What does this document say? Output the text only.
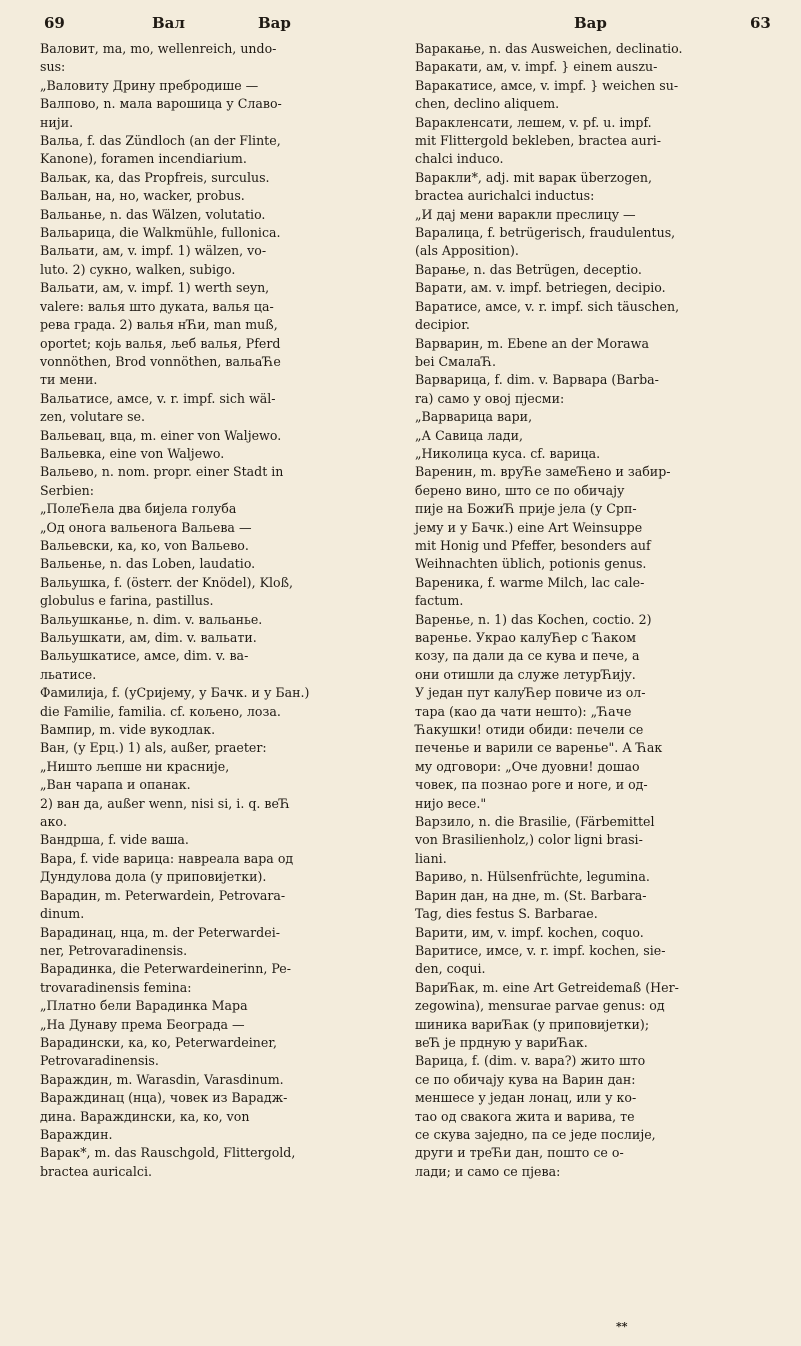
69	Вал	Вар	Вар	63

Валовит, ma, mo, wellenreich, undo-

sus:

„Валовиту Дрину пребродише —

Валпово, n. мала варошица у Славо-

нији.

Вальа, f. das Zündloch (an der Flinte,

Kanone), foramen incendiarium.

Вальак, ка, das Propfreis, surculus.

Вальан, на, но, wacker, probus.

Вальанье, n. das Wälzen, volutatio.

Вальарица, die Walkmühle, fullonica.

Вальати, ам, v. impf. 1) wälzen, vo-

luto. 2) сукно, walken, subigo.

Вальати, ам, v. impf. 1) werth seyn,

valere: валья што дуката, валья ца-

рева града. 2) валья нЋи, man muß,

oportet; којь валья, љеб валья, Pferd

vonnöthen, Brod vonnöthen, вальаЋе

ти мени.

Вальатисе, амсе, v. r. impf. sich wäl-

zen, volutare se.

Вальевац, вца, m. einer von Waljewo.

Вальевка, eine von Waljewo.

Вальево, n. nom. propr. einer Stadt in

Serbien:

„ПолеЋела два бијела голуба

„Од онога вальенога Вальева —

Вальевски, ка, ко, von Вальево.

Вальенье, n. das Loben, laudatio.

Вальушка, f. (österr. der Knödel), Kloß,

globulus e farina, pastillus.

Вальушканье, n. dim. v. вальанье.

Вальушкати, ам, dim. v. вальати.

Вальушкатисе, амсе, dim. v. ва-

льатисе.

Фамилија, f. (уСријему, у Бачк. и у Бан.)

die Familie, familia. cf. кољено, лоза.

Вампир, m. vide вукодлак.

Ван, (у Ерц.) 1) als, außer, praeter:

„Ништо љепше ни красније,

„Ван чарапа и опанак.

2) ван да, außer wenn, nisi si, i. q. веЋ

ако.

Вандрша, f. vide ваша.

Вара, f. vide варица: навреала вара од

Дундулова дола (у приповијетки).

Варадин, m. Peterwardein, Petrovara-

dinum.

Варадинац, нца, m. der Peterwardei-

ner, Petrovaradinensis.

Варадинка, die Peterwardeinerinn, Pe-

trovaradinensis femina:

„Платно бели Варадинка Мара

„На Дунаву према Београда —

Варадински, ка, ко, Peterwardeiner,

Petrovaradinensis.

Вараждин, m. Warasdin, Varasdinum.

Вараждинац (нца), човек из Варадж-

дина. Вараждински, ка, ко, von

Вараждин.

Варак*, m. das Rauschgold, Flittergold,

bractea auricalci.

Варакање, n. das Ausweichen, declinatio.

Варакати, ам, v. impf. } einem auszu-

Варакатисе, амсе, v. impf. } weichen su-

chen, declino aliquem.

Варакленсати, лешем, v. pf. u. impf.

mit Flittergold bekleben, bractea auri-

chalci induco.

Варакли*, adj. mit варак überzogen,

bractea aurichalci inductus:

„И дај мени варакли преслицу —

Варалица, f. betrügerisch, fraudulentus,

(als Apposition).

Варање, n. das Betrügen, deceptio.

Варати, ам. v. impf. betriegen, decipio.

Варатисе, амсе, v. r. impf. sich täuschen,

decipior.

Варварин, m. Ebene an der Morawa

bei СмалаЋ.

Варварица, f. dim. v. Варвара (Barba-

ra) само у овој пјесми:

„Варварица вари,

„А Савица лади,

„Николица куса. cf. варица.

Варенин, m. вруЋе замеЋено и забир-

берено вино, што се по обичају

пије на БожиЋ прије јела (у Срп-

јему и у Бачк.) eine Art Weinsuppe

mit Honig und Pfeffer, besonders auf

Weihnachten üblich, potionis genus.

Вареника, f. warme Milch, lac cale-

factum.

Варенье, n. 1) das Kochen, coctio. 2)

варенье. Украо калуЋер с Ћаком

козу, па дали да се кува и пече, а

они отишли да служе летурЋију.

У један пут калуЋер повиче из ол-

тара (као да чати нешто): „Ћаче

Ћакушки! отиди обиди: печели се

печенье и варили се варенье". А Ћак

му одговори: „Оче дуовни! дошао

човек, па познао роге и ноге, и од-

нијо весе."

Варзило, n. die Brasilie, (Färbemittel

von Brasilienholz,) color ligni brasi-

liani.

Вариво, n. Hülsenfrüchte, legumina.

Варин дан, на дне, m. (St. Barbara-

Tag, dies festus S. Barbarae.

Варити, им, v. impf. kochen, coquo.

Варитисе, имсе, v. r. impf. kochen, sie-

den, coqui.

ВариЋак, m. eine Art Getreidemaß (Her-

zegowina), mensurae parvae genus: од

шиника вариЋак (у приповијетки);

веЋ је прдную у вариЋак.

Варица, f. (dim. v. вара?) жито што

се по обичају кува на Варин дан:

меншесе у један лонац, или у ко-

тао од свакога жита и варива, те

се скува заједно, па се једе послије,

други и треЋи дан, пошто се о-

лади; и само се пјева:

**
